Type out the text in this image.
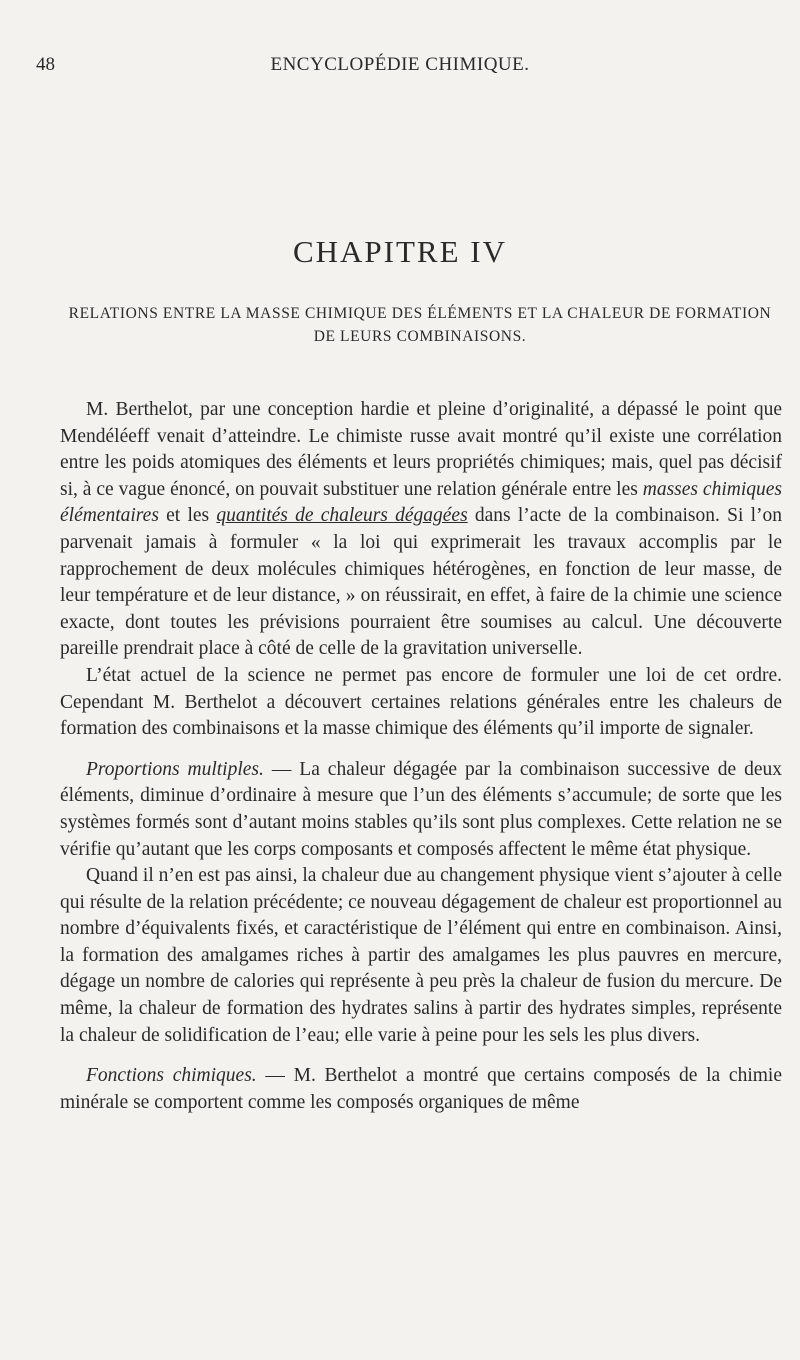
48	ENCYCLOPÉDIE CHIMIQUE.
CHAPITRE IV
RELATIONS ENTRE LA MASSE CHIMIQUE DES ÉLÉMENTS ET LA CHALEUR DE FORMATION DE LEURS COMBINAISONS.

M. Berthelot, par une conception hardie et pleine d’originalité, a dépassé le point que Mendéléeff venait d’atteindre. Le chimiste russe avait montré qu’il existe une corrélation entre les poids atomiques des éléments et leurs propriétés chimiques; mais, quel pas décisif si, à ce vague énoncé, on pouvait substituer une relation générale entre les masses chimiques élémentaires et les quantités de chaleurs dégagées dans l’acte de la combinaison. Si l’on parvenait jamais à formuler « la loi qui exprimerait les travaux accomplis par le rapprochement de deux molécules chimiques hétérogènes, en fonction de leur masse, de leur température et de leur distance, » on réussirait, en effet, à faire de la chimie une science exacte, dont toutes les prévisions pourraient être soumises au calcul. Une découverte pareille prendrait place à côté de celle de la gravitation universelle.

L’état actuel de la science ne permet pas encore de formuler une loi de cet ordre. Cependant M. Berthelot a découvert certaines relations générales entre les chaleurs de formation des combinaisons et la masse chimique des éléments qu’il importe de signaler.

Proportions multiples. — La chaleur dégagée par la combinaison successive de deux éléments, diminue d’ordinaire à mesure que l’un des éléments s’accumule; de sorte que les systèmes formés sont d’autant moins stables qu’ils sont plus complexes. Cette relation ne se vérifie qu’autant que les corps composants et composés affectent le même état physique.

Quand il n’en est pas ainsi, la chaleur due au changement physique vient s’ajouter à celle qui résulte de la relation précédente; ce nouveau dégagement de chaleur est proportionnel au nombre d’équivalents fixés, et caractéristique de l’élément qui entre en combinaison. Ainsi, la formation des amalgames riches à partir des amalgames les plus pauvres en mercure, dégage un nombre de calories qui représente à peu près la chaleur de fusion du mercure. De même, la chaleur de formation des hydrates salins à partir des hydrates simples, représente la chaleur de solidification de l’eau; elle varie à peine pour les sels les plus divers.

Fonctions chimiques. — M. Berthelot a montré que certains composés de la chimie minérale se comportent comme les composés organiques de même
